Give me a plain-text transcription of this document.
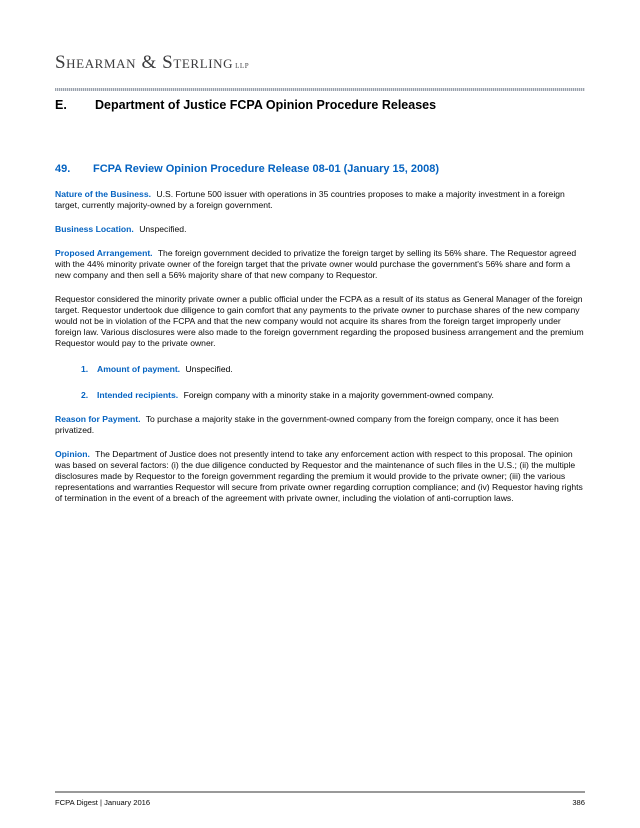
Shearman & Sterling LLP
E.	Department of Justice FCPA Opinion Procedure Releases
49.	FCPA Review Opinion Procedure Release 08-01 (January 15, 2008)

Nature of the Business. U.S. Fortune 500 issuer with operations in 35 countries proposes to make a majority investment in a foreign target, currently majority-owned by a foreign government.

Business Location. Unspecified.

Proposed Arrangement. The foreign government decided to privatize the foreign target by selling its 56% share. The Requestor agreed with the 44% minority private owner of the foreign target that the private owner would purchase the government's 56% share and form a new company and then sell a 56% majority share of that new company to Requestor.

Requestor considered the minority private owner a public official under the FCPA as a result of its status as General Manager of the foreign target. Requestor undertook due diligence to gain comfort that any payments to the private owner to purchase shares of the new company would not be in violation of the FCPA and that the new company would not acquire its shares from the foreign target improperly under foreign law. Various disclosures were also made to the foreign government regarding the proposed business arrangement and the premium Requestor would pay to the private owner.

1.	Amount of payment. Unspecified.
2.	Intended recipients. Foreign company with a minority stake in a majority government-owned company.

Reason for Payment. To purchase a majority stake in the government-owned company from the foreign company, once it has been privatized.

Opinion. The Department of Justice does not presently intend to take any enforcement action with respect to this proposal. The opinion was based on several factors: (i) the due diligence conducted by Requestor and the maintenance of such files in the U.S.; (ii) the multiple disclosures made by Requestor to the foreign government regarding the premium it would provide to the private owner; (iii) the various representations and warranties Requestor will secure from private owner regarding corruption compliance; and (iv) Requestor having rights of termination in the event of a breach of the agreement with private owner, including the violation of anti-corruption laws.

FCPA Digest | January 2016	386
